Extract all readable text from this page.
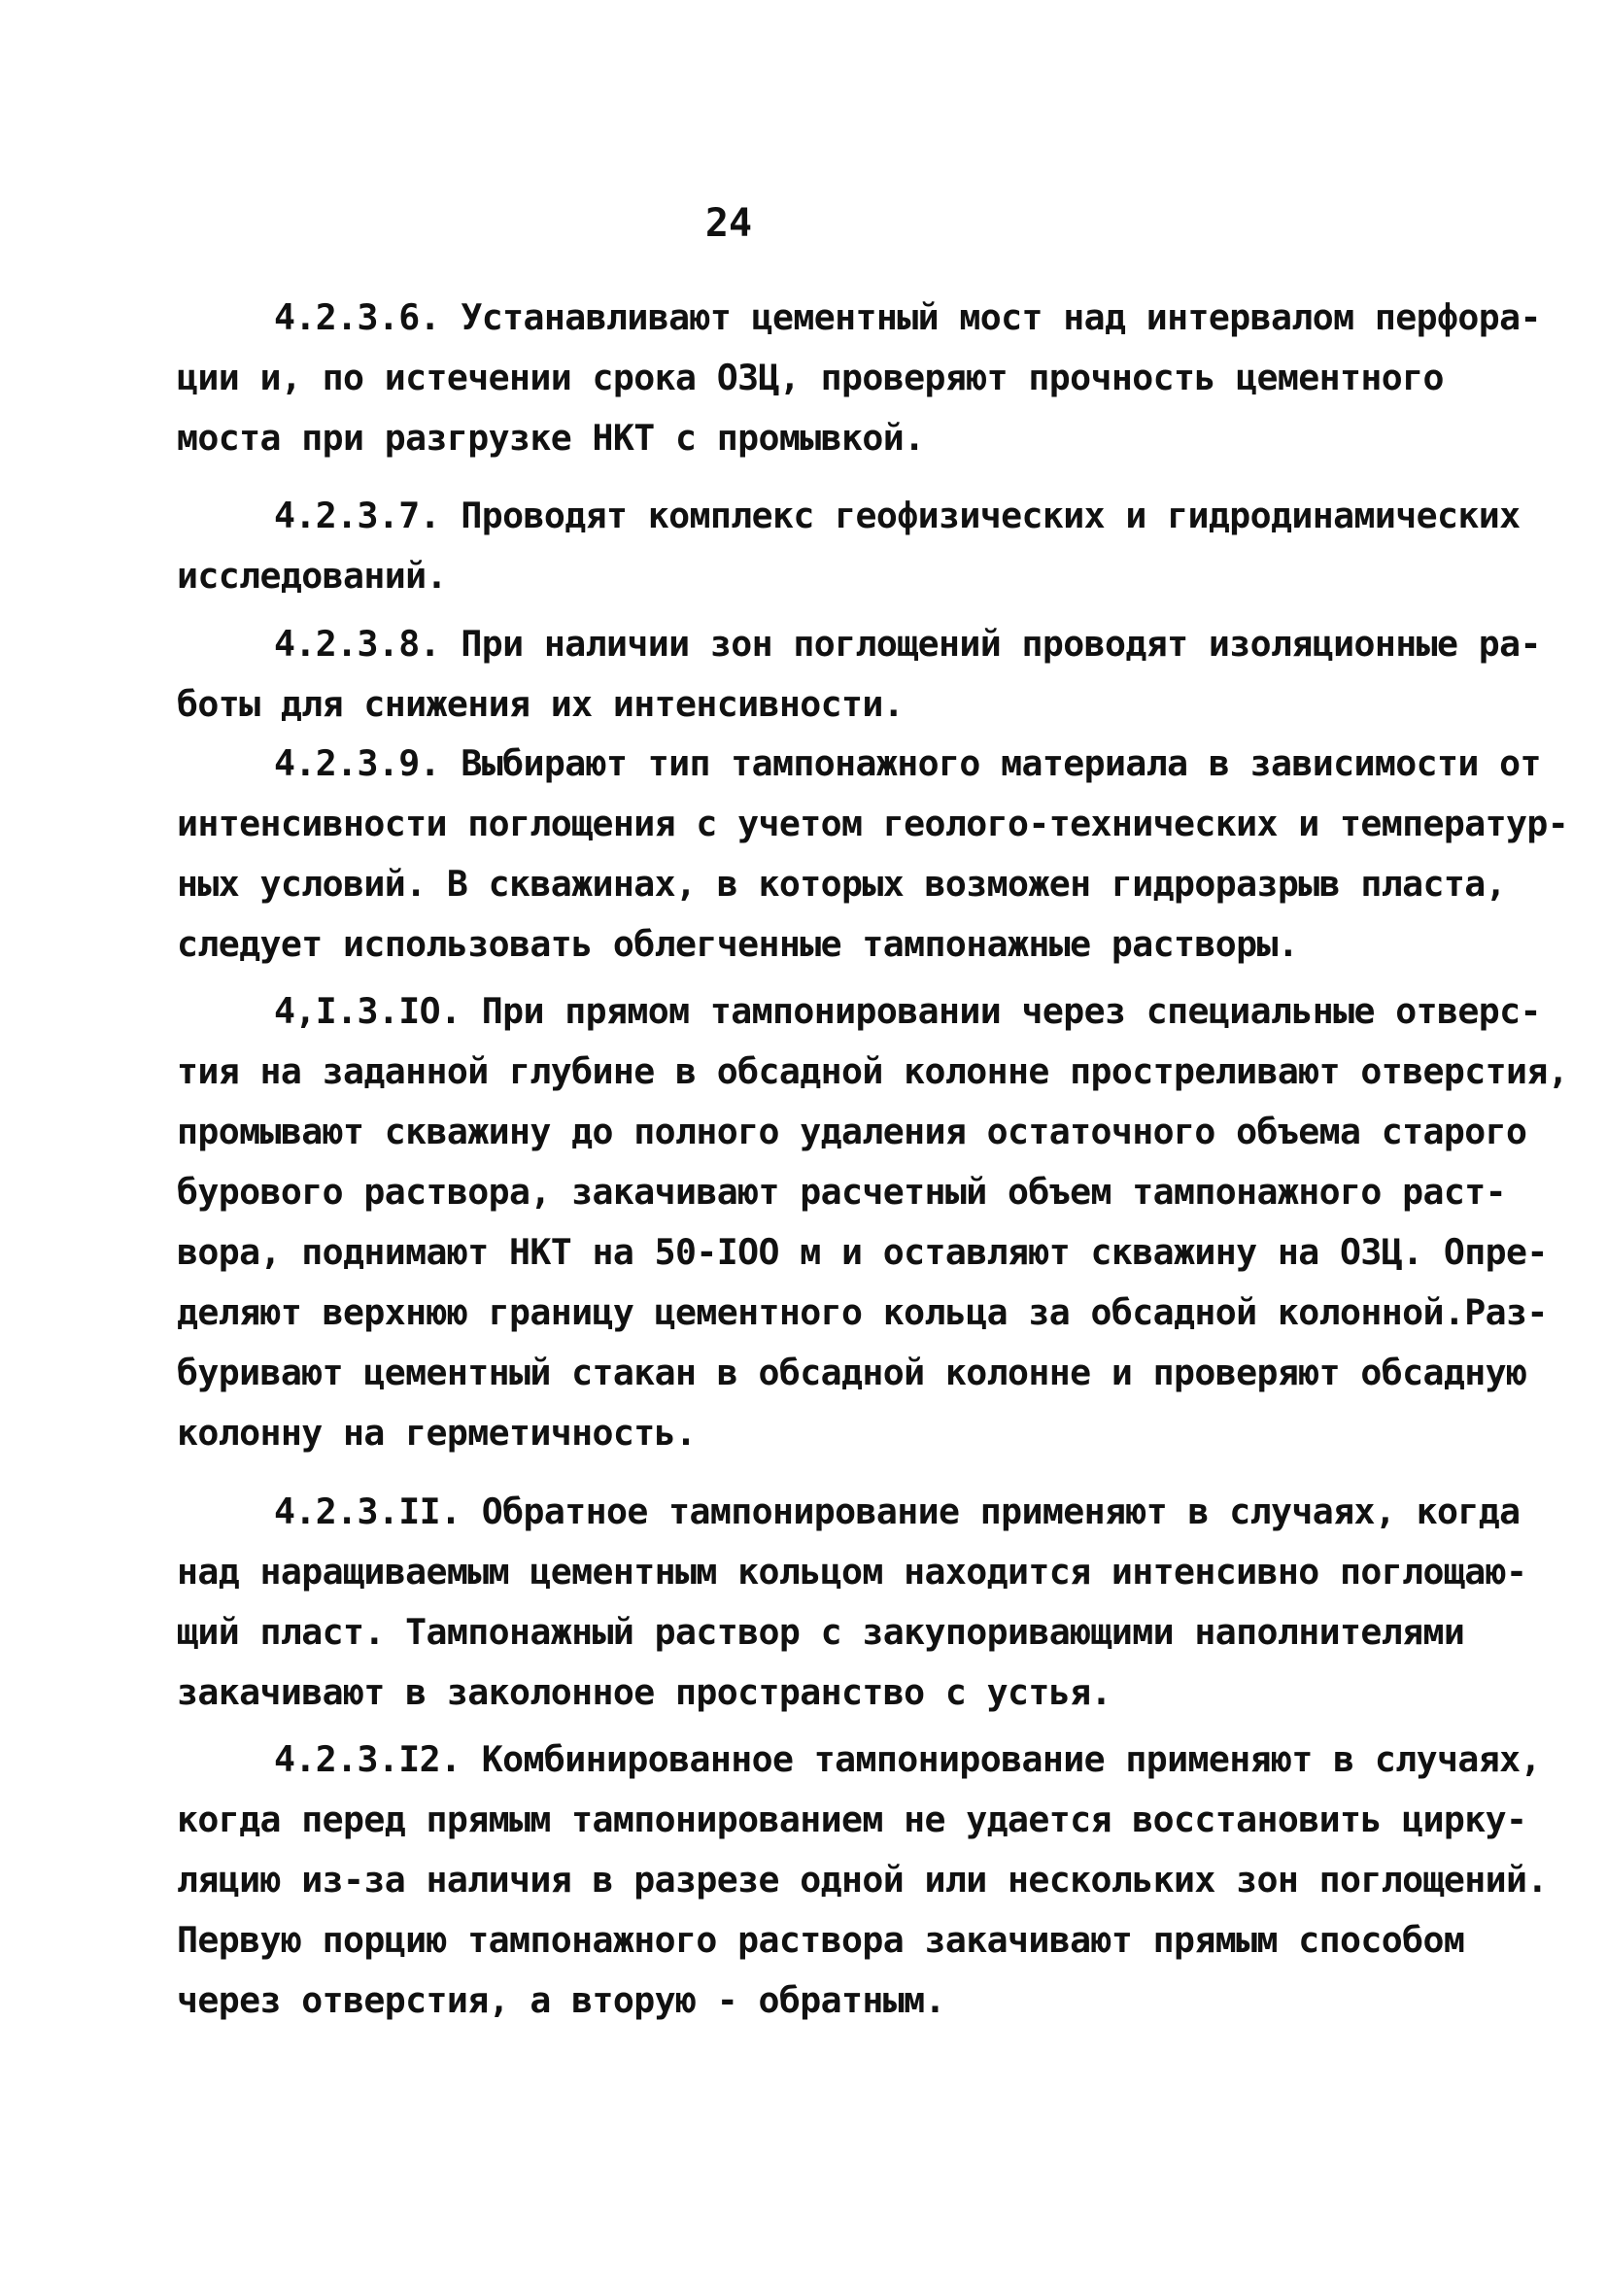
24
4.2.3.6. Устанавливают цементный мост над интервалом перфора-
ции и, по истечении срока ОЗЦ, проверяют прочность цементного
моста при разгрузке НКТ с промывкой.
4.2.3.7. Проводят комплекс геофизических и гидродинамических
исследований.
4.2.3.8. При наличии зон поглощений проводят изоляционные ра-
боты для снижения их интенсивности.
4.2.3.9. Выбирают тип тампонажного материала в зависимости от
интенсивности поглощения с учетом геолого-технических и температур-
ных условий. В скважинах, в которых возможен гидроразрыв пласта,
следует использовать облегченные тампонажные растворы.
4,I.3.IO. При прямом тампонировании через специальные отверс-
тия на заданной глубине в обсадной колонне простреливают отверстия,
промывают скважину до полного удаления остаточного объема старого
бурового раствора, закачивают расчетный объем тампонажного раст-
вора, поднимают НКТ на 50-IOO м и оставляют скважину на ОЗЦ. Опре-
деляют верхнюю границу цементного кольца за обсадной колонной.Раз-
буривают цементный стакан в обсадной колонне и проверяют обсадную
колонну на герметичность.
4.2.3.II. Обратное тампонирование применяют в случаях, когда
над наращиваемым цементным кольцом находится интенсивно поглощаю-
щий пласт. Тампонажный раствор с закупоривающими наполнителями
закачивают в заколонное пространство с устья.
4.2.3.I2. Комбинированное тампонирование применяют в случаях,
когда перед прямым тампонированием не удается восстановить цирку-
ляцию из-за наличия в разрезе одной или нескольких зон поглощений.
Первую порцию тампонажного раствора закачивают прямым способом
через отверстия, а вторую - обратным.
